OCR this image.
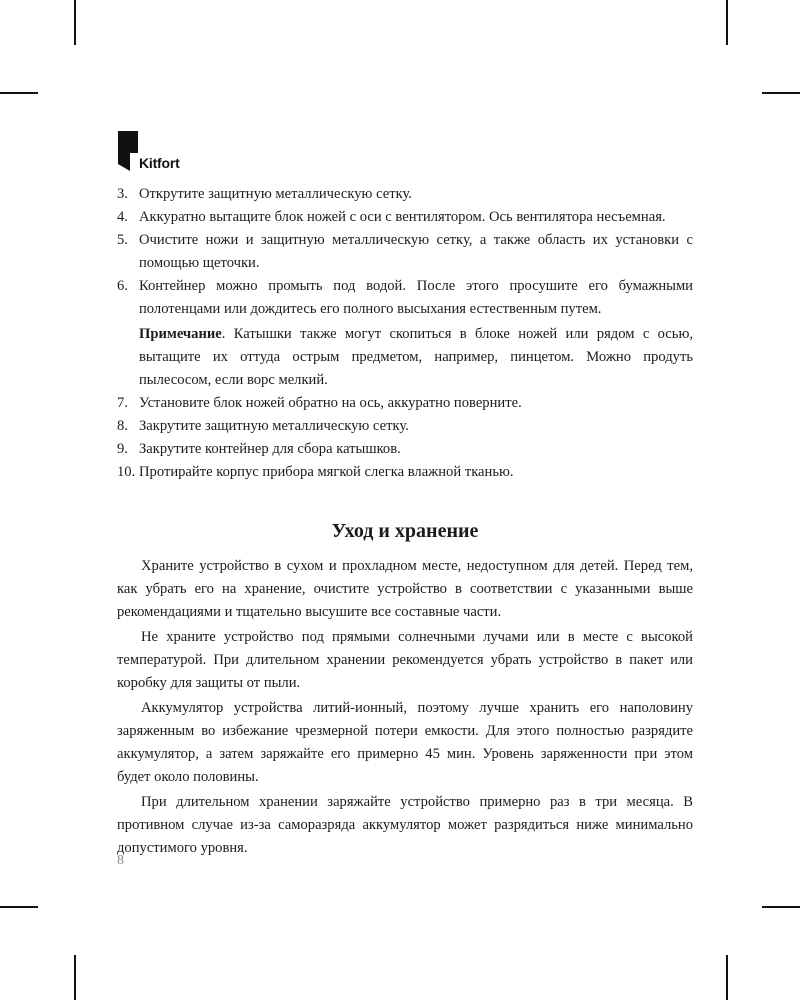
Kitfort
3. Открутите защитную металлическую сетку.
4. Аккуратно вытащите блок ножей с оси с вентилятором. Ось вентилятора несъемная.
5. Очистите ножи и защитную металлическую сетку, а также область их установки с помощью щеточки.
6. Контейнер можно промыть под водой. После этого просушите его бумажными полотенцами или дождитесь его полного высыхания естественным путем.

Примечание. Катышки также могут скопиться в блоке ножей или рядом с осью, вытащите их оттуда острым предметом, например, пинцетом. Можно продуть пылесосом, если ворс мелкий.

7. Установите блок ножей обратно на ось, аккуратно поверните.
8. Закрутите защитную металлическую сетку.
9. Закрутите контейнер для сбора катышков.
10. Протирайте корпус прибора мягкой слегка влажной тканью.
Уход и хранение

Храните устройство в сухом и прохладном месте, недоступном для детей. Перед тем, как убрать его на хранение, очистите устройство в соответствии с указанными выше рекомендациями и тщательно высушите все составные части.

Не храните устройство под прямыми солнечными лучами или в месте с высокой температурой. При длительном хранении рекомендуется убрать устройство в пакет или коробку для защиты от пыли.

Аккумулятор устройства литий-ионный, поэтому лучше хранить его наполовину заряженным во избежание чрезмерной потери емкости. Для этого полностью разрядите аккумулятор, а затем заряжайте его примерно 45 мин. Уровень заряженности при этом будет около половины.

При длительном хранении заряжайте устройство примерно раз в три месяца. В противном случае из-за саморазряда аккумулятор может разрядиться ниже минимально допустимого уровня.

8
